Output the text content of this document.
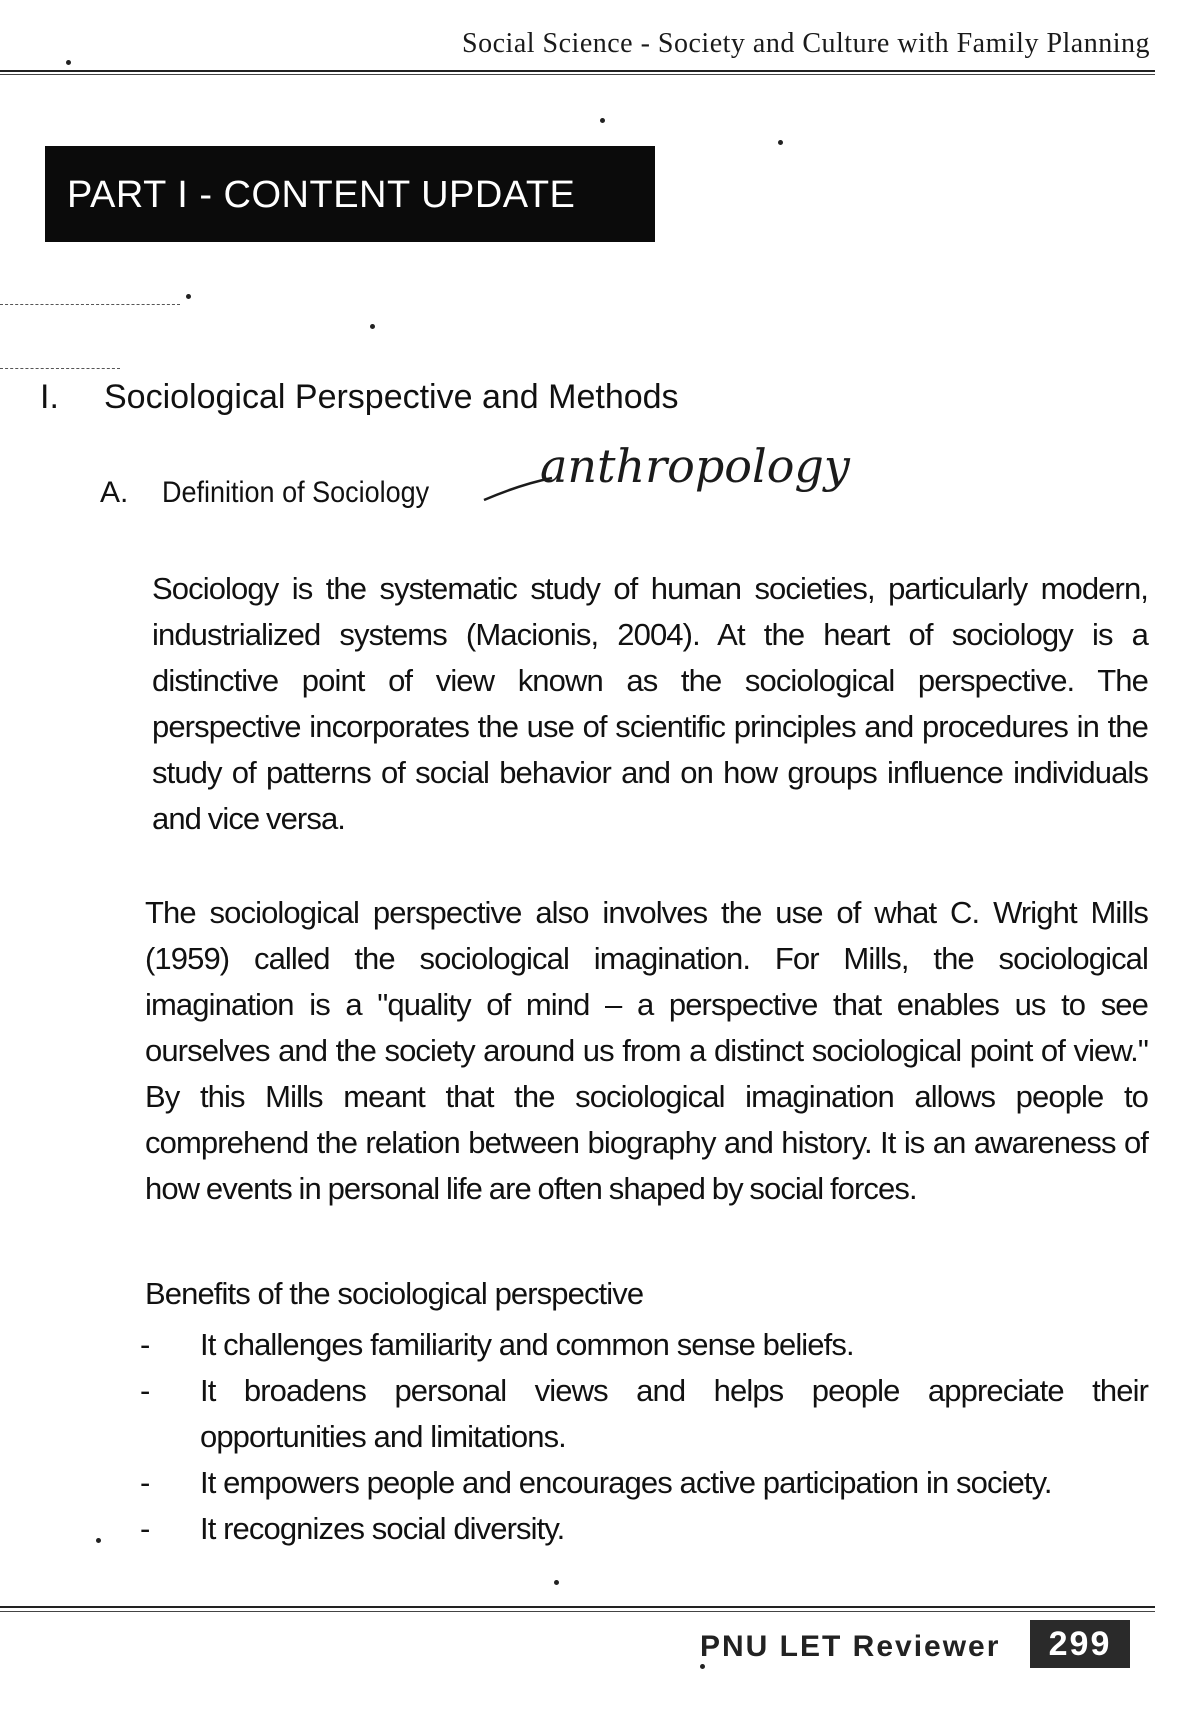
Social Science - Society and Culture with Family Planning
PART I - CONTENT UPDATE
I. Sociological Perspective and Methods
A. Definition of Sociology anthropology
Sociology is the systematic study of human societies, particularly modern, industrialized systems (Macionis, 2004). At the heart of sociology is a distinctive point of view known as the sociological perspective. The perspective incorporates the use of scientific principles and procedures in the study of patterns of social behavior and on how groups influence individuals and vice versa.
The sociological perspective also involves the use of what C. Wright Mills (1959) called the sociological imagination. For Mills, the sociological imagination is a "quality of mind – a perspective that enables us to see ourselves and the society around us from a distinct sociological point of view." By this Mills meant that the sociological imagination allows people to comprehend the relation between biography and history. It is an awareness of how events in personal life are often shaped by social forces.
Benefits of the sociological perspective
- It challenges familiarity and common sense beliefs.
- It broadens personal views and helps people appreciate their opportunities and limitations.
- It empowers people and encourages active participation in society.
- It recognizes social diversity.
PNU LET Reviewer	299
